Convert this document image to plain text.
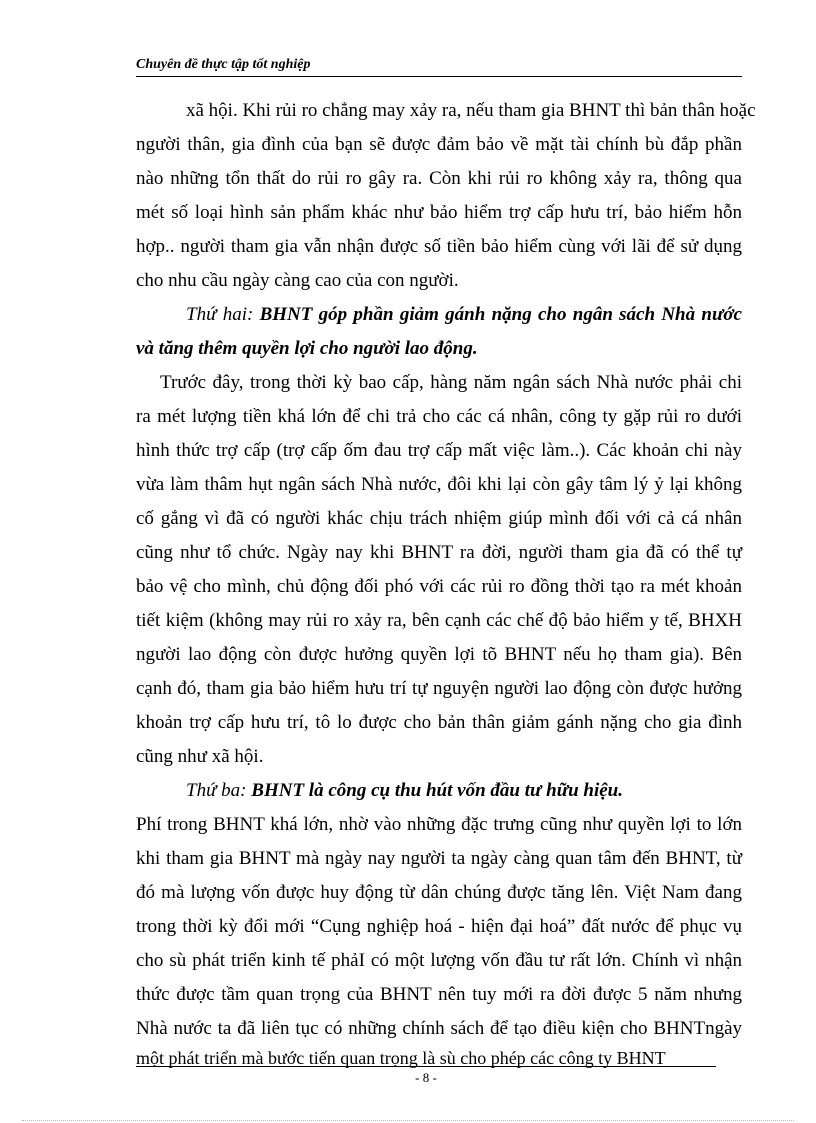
Chuyên đề thực tập tốt nghiệp
xã hội. Khi rủi ro chẳng may xảy ra, nếu tham gia BHNT thì bản thân hoặc
người thân, gia đình của bạn sẽ được đảm bảo về mặt tài chính bù đắp phần
nào những tổn thất do rủi ro gây ra. Còn khi rủi ro không xảy ra, thông qua
mét số loại hình sản phẩm khác như bảo hiểm trợ cấp hưu trí, bảo hiểm hỗn
hợp.. người tham gia vẫn nhận được số tiền bảo hiểm cùng với lãi để sử dụng
cho nhu cầu ngày càng cao của con người.
Thứ hai: BHNT góp phần giảm gánh nặng cho ngân sách Nhà nước
và tăng thêm quyền lợi cho người lao động.
Trước đây, trong thời kỳ bao cấp, hàng năm ngân sách Nhà nước phải chi
ra mét lượng tiền khá lớn để chi trả cho các cá nhân, công ty gặp rủi ro dưới
hình thức trợ cấp (trợ cấp ốm đau trợ cấp mất việc làm..). Các khoản chi này
vừa làm thâm hụt ngân sách Nhà nước, đôi khi lại còn gây tâm lý ỷ lại không
cố gắng vì đã có người khác chịu trách nhiệm giúp mình đối với cả cá nhân
cũng như tổ chức. Ngày nay khi BHNT ra đời, người tham gia đã có thể tự
bảo vệ cho mình, chủ động đối phó với các rủi ro đồng thời tạo ra mét khoản
tiết kiệm (không may rủi ro xảy ra, bên cạnh các chế độ bảo hiểm y tế, BHXH
người lao động còn được hưởng quyền lợi tõ BHNT nếu họ tham gia). Bên
cạnh đó, tham gia bảo hiểm hưu trí tự nguyện người lao động còn được hưởng
khoản trợ cấp hưu trí, tô lo được cho bản thân giảm gánh nặng cho gia đình
cũng như xã hội.
Thứ ba: BHNT là công cụ thu hút vốn đầu tư hữu hiệu.
Phí trong BHNT khá lớn, nhờ vào những đặc trưng cũng như quyền lợi to lớn
khi tham gia BHNT mà ngày nay người ta ngày càng quan tâm đến BHNT, từ
đó mà lượng vốn được huy động từ dân chúng được tăng lên. Việt Nam đang
trong thời kỳ đổi mới “Cụng nghiệp hoá - hiện đại hoá” đất nước để phục vụ
cho sù phát triển kinh tế phảI có một lượng vốn đầu tư rất lớn. Chính vì nhận
thức được tầm quan trọng của BHNT nên tuy mới ra đời được 5 năm nhưng
Nhà nước ta đã liên tục có những chính sách để tạo điều kiện cho BHNTngày
một phát triển mà bước tiến quan trọng là sù cho phép các công ty BHNT
- 8 -
